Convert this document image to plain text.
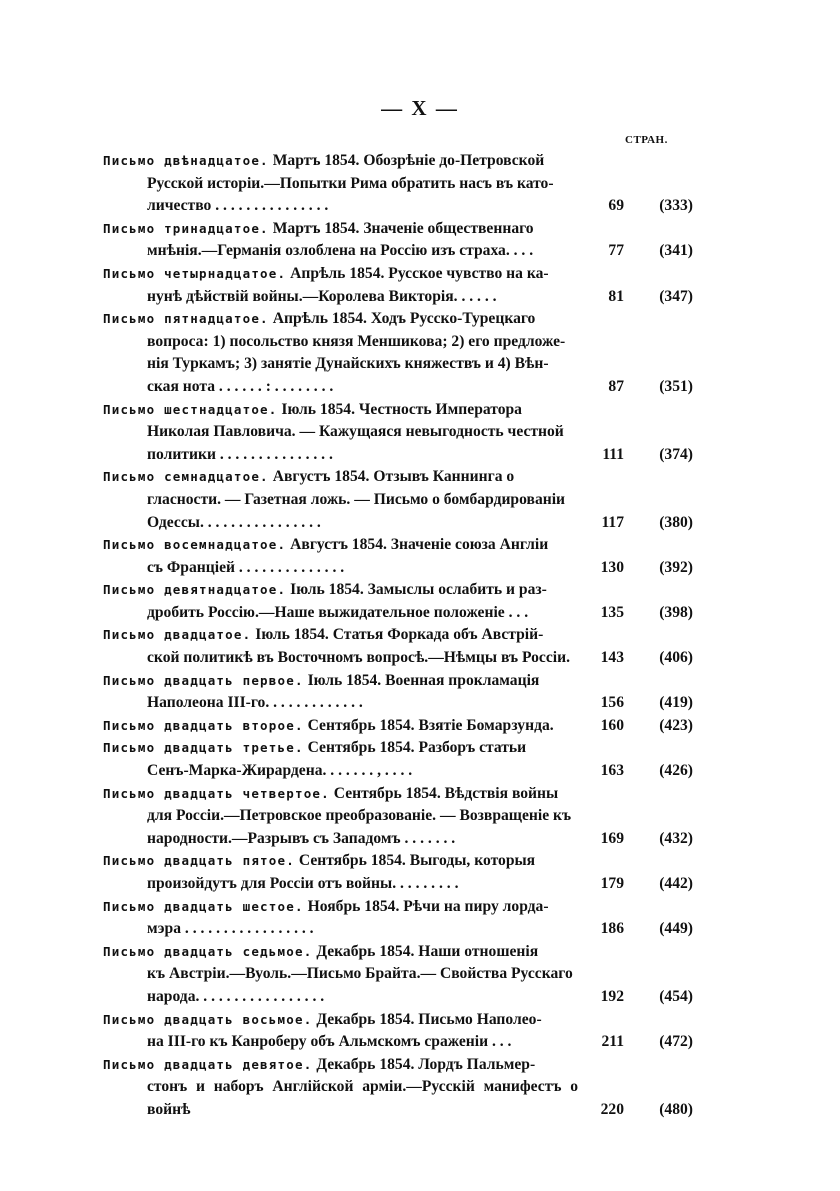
— X —
СТРАН.
Письмо двѣнадцатое. Мартъ 1854. Обозрѣніе до-Петровской
Русской исторіи.—Попытки Рима обратить насъ въ като-
личество . . . . . . . . . . . . . . .	69	(333)
Письмо тринадцатое. Мартъ 1854. Значеніе общественнаго
мнѣнія.—Германія озлоблена на Россію изъ страха. . . .	77	(341)
Письмо четырнадцатое. Апрѣль 1854. Русское чувство на ка-
нунѣ дѣйствій войны.—Королева Викторія. . . . . .	81	(347)
Письмо пятнадцатое. Апрѣль 1854. Ходъ Русско-Турецкаго
вопроса: 1) посольство князя Меншикова; 2) его предложе-
нія Туркамъ; 3) занятіе Дунайскихъ княжествъ и 4) Вѣн-
ская нота . . . . . . : . . . . . . . .	87	(351)
Письмо шестнадцатое. Іюль 1854. Честность Императора
Николая Павловича. — Кажущаяся невыгодность честной
политики . . . . . . . . . . . . . . .	111	(374)
Письмо семнадцатое. Августъ 1854. Отзывъ Каннинга о
гласности. — Газетная ложь. — Письмо о бомбардированіи
Одессы. . . . . . . . . . . . . . . .	117	(380)
Письмо восемнадцатое. Августъ 1854. Значеніе союза Англіи
съ Франціей . . . . . . . . . . . . . .	130	(392)
Письмо девятнадцатое. Іюль 1854. Замыслы ослабить и раз-
дробить Россію.—Наше выжидательное положеніе . . .	135	(398)
Письмо двадцатое. Іюль 1854. Статья Форкада объ Австрій-
ской политикѣ въ Восточномъ вопросѣ.—Нѣмцы въ Россіи.	143	(406)
Письмо двадцать первое. Іюль 1854. Военная прокламація
Наполеона III-го. . . . . . . . . . . . .	156	(419)
Письмо двадцать второе. Сентябрь 1854. Взятіе Бомарзунда.	160	(423)
Письмо двадцать третье. Сентябрь 1854. Разборъ статьи
Сенъ-Марка-Жирардена. . . . . . . , . . . .	163	(426)
Письмо двадцать четвертое. Сентябрь 1854. Вѣдствія войны
для Россіи.—Петровское преобразованіе. — Возвращеніе къ
народности.—Разрывъ съ Западомъ . . . . . . .	169	(432)
Письмо двадцать пятое. Сентябрь 1854. Выгоды, которыя
произойдутъ для Россіи отъ войны. . . . . . . . .	179	(442)
Письмо двадцать шестое. Ноябрь 1854. Рѣчи на пиру лорда-
мэра . . . . . . . . . . . . . . . . .	186	(449)
Письмо двадцать седьмое. Декабрь 1854. Наши отношенія
къ Австріи.—Вуоль.—Письмо Брайта.— Свойства Русскаго
народа. . . . . . . . . . . . . . . . .	192	(454)
Письмо двадцать восьмое. Декабрь 1854. Письмо Наполео-
на III-го къ Канроберу объ Альмскомъ сраженіи . . .	211	(472)
Письмо двадцать девятое. Декабрь 1854. Лордъ Пальмер-
стонъ и наборъ Англійской арміи.—Русскій манифестъ о войнѣ	220	(480)
